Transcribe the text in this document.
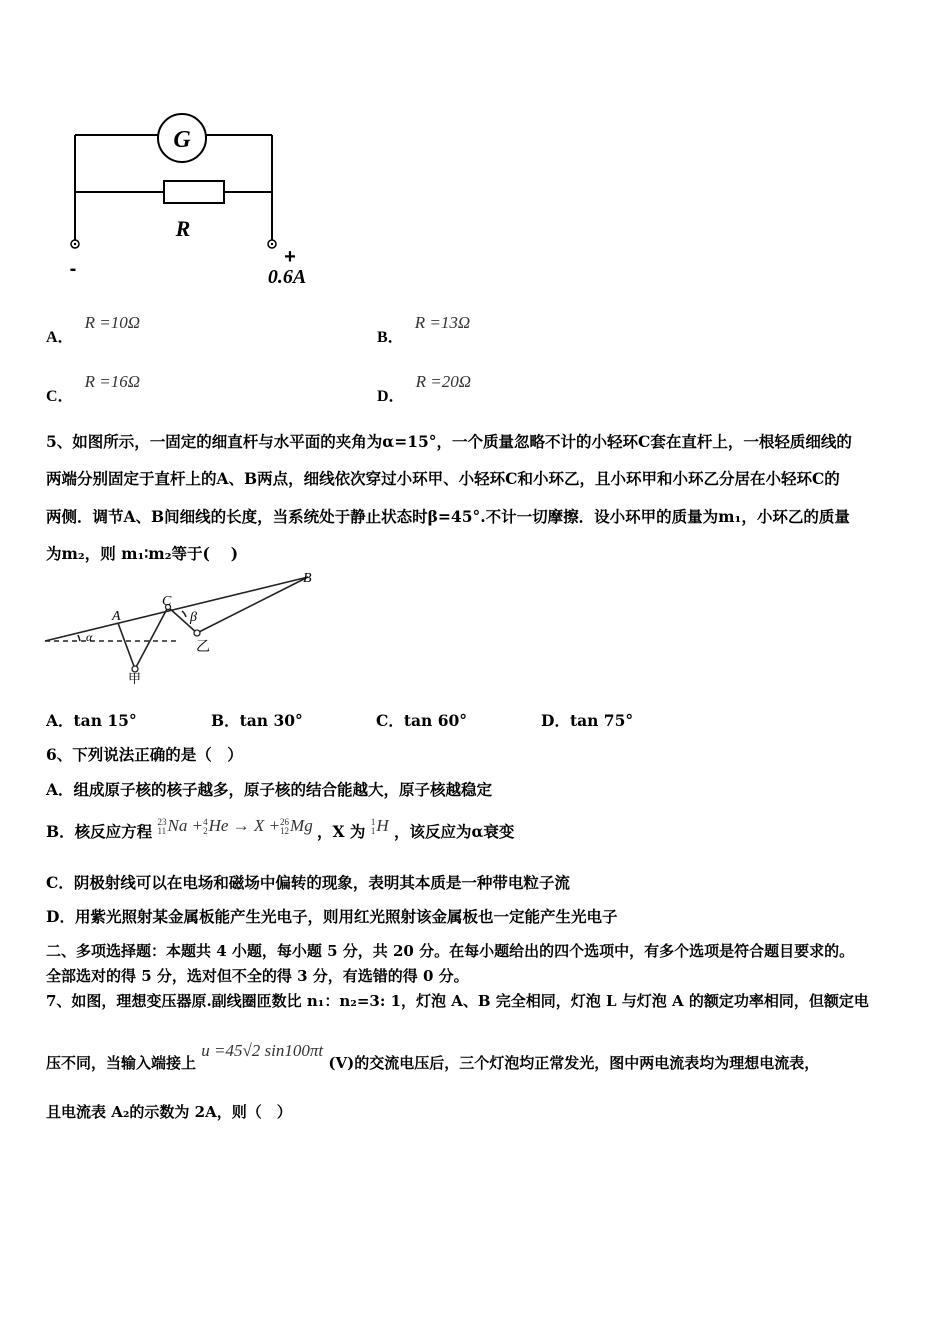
G
R
-
+
0.6A
A． R =10Ω
B． R =13Ω
C． R =16Ω
D． R =20Ω
5、如图所示，一固定的细直杆与水平面的夹角为α=15°，一个质量忽略不计的小轻环C套在直杆上，一根轻质细线的
两端分别固定于直杆上的A、B两点，细线依次穿过小环甲、小轻环C和小环乙，且小环甲和小环乙分居在小轻环C的
两侧．调节A、B间细线的长度，当系统处于静止状态时β=45°.不计一切摩擦．设小环甲的质量为m₁，小环乙的质量
为m₂，则 m₁∶m₂等于(　 )
A
B
C
β
α
甲
乙
A．tan 15°	B．tan 30°	C．tan 60°	D．tan 75°
6、下列说法正确的是（　）
A．组成原子核的核子越多，原子核的结合能越大，原子核越稳定
B．核反应方程 23
11Na +4
2He → X +26
12Mg ，X 为 1
1H ，该反应为α衰变
C．阴极射线可以在电场和磁场中偏转的现象，表明其本质是一种带电粒子流
D．用紫光照射某金属板能产生光电子，则用红光照射该金属板也一定能产生光电子
二、多项选择题：本题共 4 小题，每小题 5 分，共 20 分。在每小题给出的四个选项中，有多个选项是符合题目要求的。
全部选对的得 5 分，选对但不全的得 3 分，有选错的得 0 分。
7、如图，理想变压器原.副线圈匝数比 n₁：n₂=3: 1，灯泡 A、B 完全相同，灯泡 L 与灯泡 A 的额定功率相同，但额定电
压不同，当输入端接上 u =45√2 sin100πt (V)的交流电压后，三个灯泡均正常发光，图中两电流表均为理想电流表，
且电流表 A₂的示数为 2A，则（　）
